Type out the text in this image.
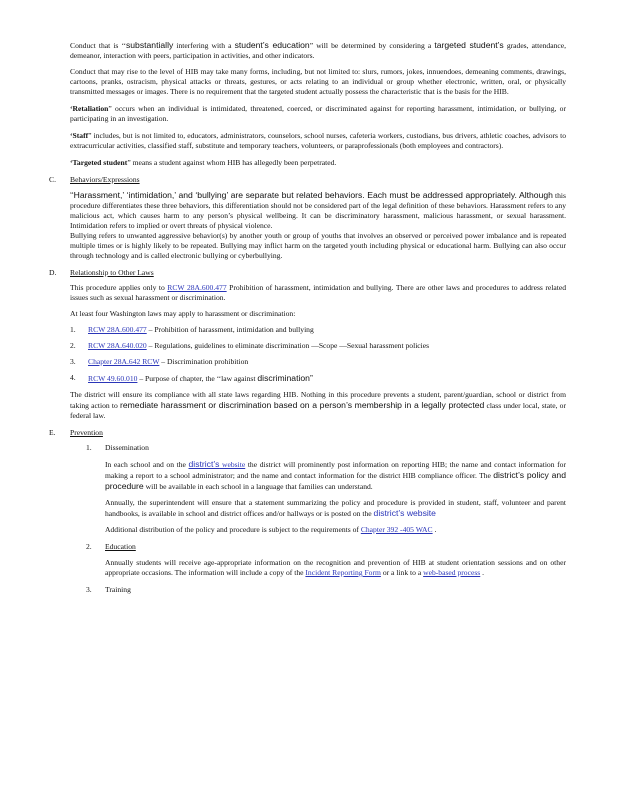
Conduct that is ‘‘substantially interfering with a student’s education” will be determined by considering a targeted student’s grades, attendance, demeanor, interaction with peers, participation in activities, and other indicators.

Conduct that may rise to the level of HIB may take many forms, including, but not limited to: slurs, rumors, jokes, innuendoes, demeaning comments, drawings, cartoons, pranks, ostracism, physical attacks or threats, gestures, or acts relating to an individual or group whether electronic, written, oral, or physically transmitted messages or images. There is no requirement that the targeted student actually possess the characteristic that is the basis for the HIB.

‘Retaliation” occurs when an individual is intimidated, threatened, coerced, or discriminated against for reporting harassment, intimidation, or bullying, or participating in an investigation.

‘Staff” includes, but is not limited to, educators, administrators, counselors, school nurses, cafeteria workers, custodians, bus drivers, athletic coaches, advisors to extracurricular activities, classified staff, substitute and temporary teachers, volunteers, or paraprofessionals (both employees and contractors).

‘Targeted student” means a student against whom HIB has allegedly been perpetrated.

C.	Behaviors/Expressions

‘‘Harassment,’ ‘intimidation,’ and ‘bullying’ are separate but related behaviors. Each must be addressed appropriately. Although this procedure differentiates these three behaviors, this differentiation should not be considered part of the legal definition of these behaviors. Harassment refers to any malicious act, which causes harm to any person’s physical wellbeing. It can be discriminatory harassment, malicious harassment, or sexual harassment. Intimidation refers to implied or overt threats of physical violence.

Bullying refers to unwanted aggressive behavior(s) by another youth or group of youths that involves an observed or perceived power imbalance and is repeated multiple times or is highly likely to be repeated. Bullying may inflict harm on the targeted youth including physical or educational harm. Bullying can also occur through technology and is called electronic bullying or cyberbullying.

D.	Relationship to Other Laws

This procedure applies only to RCW 28A.600.477 Prohibition of harassment, intimidation and bullying. There are other laws and procedures to address related issues such as sexual harassment or discrimination.

At least four Washington laws may apply to harassment or discrimination:

1.	RCW 28A.600.477 – Prohibition of harassment, intimidation and bullying
2.	RCW 28A.640.020 – Regulations, guidelines to eliminate discrimination —Scope —Sexual harassment policies
3.	Chapter 28A.642 RCW – Discrimination prohibition
4.	RCW 49.60.010 – Purpose of chapter, the ‘‘law against discrimination”

The district will ensure its compliance with all state laws regarding HIB. Nothing in this procedure prevents a student, parent/guardian, school or district from taking action to remediate harassment or discrimination based on a person’s membership in a legally protected class under local, state, or federal law.

E.	Prevention
1.	Dissemination

In each school and on the district’s website the district will prominently post information on reporting HIB; the name and contact information for making a report to a school administrator; and the name and contact information for the district HIB compliance officer. The district’s policy and procedure will be available in each school in a language that families can understand.

Annually, the superintendent will ensure that a statement summarizing the policy and procedure is provided in student, staff, volunteer and parent handbooks, is available in school and district offices and/or hallways or is posted on the district’s website

Additional distribution of the policy and procedure is subject to the requirements of Chapter 392 -405 WAC .

2.	Education

Annually students will receive age-appropriate information on the recognition and prevention of HIB at student orientation sessions and on other appropriate occasions. The information will include a copy of the Incident Reporting Form or a link to a web-based process .

3.	Training
